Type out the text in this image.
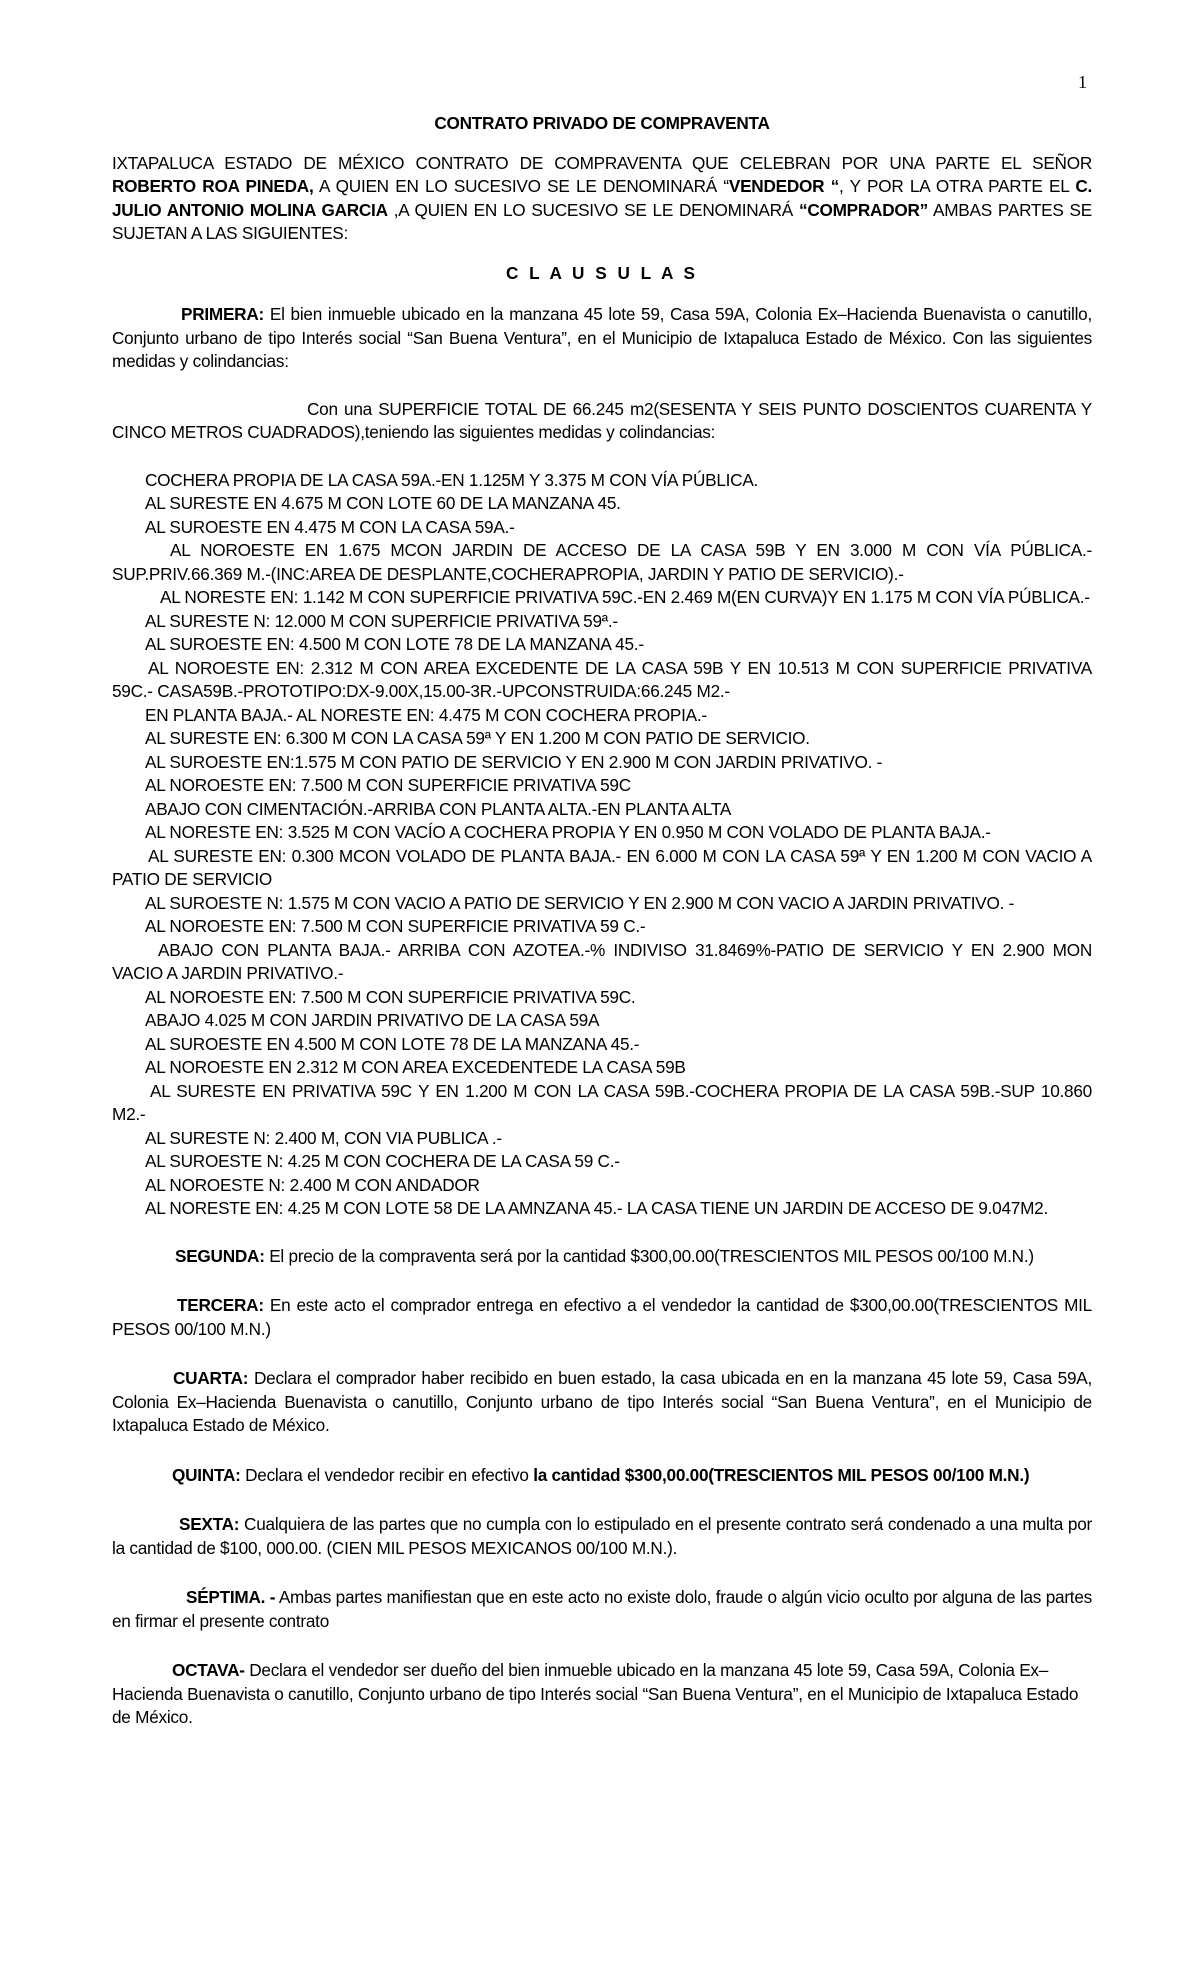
1

CONTRATO PRIVADO DE COMPRAVENTA

IXTAPALUCA ESTADO DE MÉXICO CONTRATO DE COMPRAVENTA QUE CELEBRAN POR UNA PARTE EL SEÑOR ROBERTO ROA PINEDA, A QUIEN EN LO SUCESIVO SE LE DENOMINARÁ “VENDEDOR “, Y POR LA OTRA PARTE EL C. JULIO ANTONIO MOLINA GARCIA ,A QUIEN EN LO SUCESIVO SE LE DENOMINARÁ “COMPRADOR” AMBAS PARTES SE SUJETAN A LAS SIGUIENTES:

C L A U S U L A S

PRIMERA: El bien inmueble ubicado en la manzana 45 lote 59, Casa 59A, Colonia Ex–Hacienda Buenavista o canutillo, Conjunto urbano de tipo Interés social “San Buena Ventura”, en el Municipio de Ixtapaluca Estado de México. Con las siguientes medidas y colindancias:

Con una SUPERFICIE TOTAL DE 66.245 m2(SESENTA Y SEIS PUNTO DOSCIENTOS CUARENTA Y CINCO METROS CUADRADOS),teniendo las siguientes medidas y colindancias:

COCHERA PROPIA DE LA CASA 59A.-EN 1.125M Y 3.375 M CON VÍA PÚBLICA.

AL SURESTE EN 4.675 M CON LOTE 60 DE LA MANZANA 45.

AL SUROESTE EN 4.475 M CON LA CASA 59A.-

AL NOROESTE EN 1.675 MCON JARDIN DE ACCESO DE LA CASA 59B Y EN 3.000 M CON VÍA PÚBLICA.- SUP.PRIV.66.369 M.-(INC:AREA DE DESPLANTE,COCHERAPROPIA, JARDIN Y PATIO DE SERVICIO).-

AL NORESTE EN: 1.142 M CON SUPERFICIE PRIVATIVA 59C.-EN 2.469 M(EN CURVA)Y EN 1.175 M CON VÍA PÚBLICA.-

AL SURESTE N: 12.000 M CON SUPERFICIE PRIVATIVA 59ª.-

AL SUROESTE EN: 4.500 M CON LOTE 78 DE LA MANZANA 45.-

AL NOROESTE EN: 2.312 M CON AREA EXCEDENTE DE LA CASA 59B Y EN 10.513 M CON SUPERFICIE PRIVATIVA 59C.- CASA59B.-PROTOTIPO:DX-9.00X,15.00-3R.-UPCONSTRUIDA:66.245 M2.-

EN PLANTA BAJA.- AL NORESTE EN: 4.475 M CON COCHERA PROPIA.-

AL SURESTE EN: 6.300 M CON LA CASA 59ª Y EN 1.200 M CON PATIO DE SERVICIO.

AL SUROESTE EN:1.575 M CON PATIO DE SERVICIO Y EN 2.900 M CON JARDIN PRIVATIVO. -

AL NOROESTE EN: 7.500 M CON SUPERFICIE PRIVATIVA 59C

ABAJO CON CIMENTACIÓN.-ARRIBA CON PLANTA ALTA.-EN PLANTA ALTA

AL NORESTE EN: 3.525 M CON VACÍO A COCHERA PROPIA Y EN 0.950 M CON VOLADO DE PLANTA BAJA.-

AL SURESTE EN: 0.300 MCON VOLADO DE PLANTA BAJA.- EN 6.000 M CON LA CASA 59ª Y EN 1.200 M CON VACIO A PATIO DE SERVICIO

AL SUROESTE N: 1.575 M CON VACIO A PATIO DE SERVICIO Y EN 2.900 M CON VACIO A JARDIN PRIVATIVO. -

AL NOROESTE EN: 7.500 M CON SUPERFICIE PRIVATIVA 59 C.-

ABAJO CON PLANTA BAJA.- ARRIBA CON AZOTEA.-% INDIVISO 31.8469%-PATIO DE SERVICIO Y EN 2.900 MON VACIO A JARDIN PRIVATIVO.-

AL NOROESTE EN: 7.500 M CON SUPERFICIE PRIVATIVA 59C.

ABAJO 4.025 M CON JARDIN PRIVATIVO DE LA CASA 59A

AL SUROESTE EN 4.500 M CON LOTE 78 DE LA MANZANA 45.-

AL NOROESTE EN 2.312 M CON AREA EXCEDENTEDE LA CASA 59B

AL SURESTE EN PRIVATIVA 59C Y EN 1.200 M CON LA CASA 59B.-COCHERA PROPIA DE LA CASA 59B.-SUP 10.860 M2.-

AL SURESTE N: 2.400 M, CON VIA PUBLICA .-

AL SUROESTE N: 4.25 M CON COCHERA DE LA CASA 59 C.-

AL NOROESTE N: 2.400 M CON ANDADOR

AL NORESTE EN: 4.25 M CON LOTE 58 DE LA AMNZANA 45.- LA CASA TIENE UN JARDIN DE ACCESO DE 9.047M2.

SEGUNDA: El precio de la compraventa será por la cantidad $300,00.00(TRESCIENTOS MIL PESOS 00/100 M.N.)

TERCERA: En este acto el comprador entrega en efectivo a el vendedor la cantidad de $300,00.00(TRESCIENTOS MIL PESOS 00/100 M.N.)

CUARTA: Declara el comprador haber recibido en buen estado, la casa ubicada en en la manzana 45 lote 59, Casa 59A, Colonia Ex–Hacienda Buenavista o canutillo, Conjunto urbano de tipo Interés social “San Buena Ventura”, en el Municipio de Ixtapaluca Estado de México.

QUINTA: Declara el vendedor recibir en efectivo la cantidad $300,00.00(TRESCIENTOS MIL PESOS 00/100 M.N.)

SEXTA: Cualquiera de las partes que no cumpla con lo estipulado en el presente contrato será condenado a una multa por la cantidad de $100, 000.00. (CIEN MIL PESOS MEXICANOS 00/100 M.N.).

SÉPTIMA. - Ambas partes manifiestan que en este acto no existe dolo, fraude o algún vicio oculto por alguna de las partes en firmar el presente contrato

OCTAVA- Declara el vendedor ser dueño del bien inmueble ubicado en la manzana 45 lote 59, Casa 59A, Colonia Ex–Hacienda Buenavista o canutillo, Conjunto urbano de tipo Interés social “San Buena Ventura”, en el Municipio de Ixtapaluca Estado de México.
